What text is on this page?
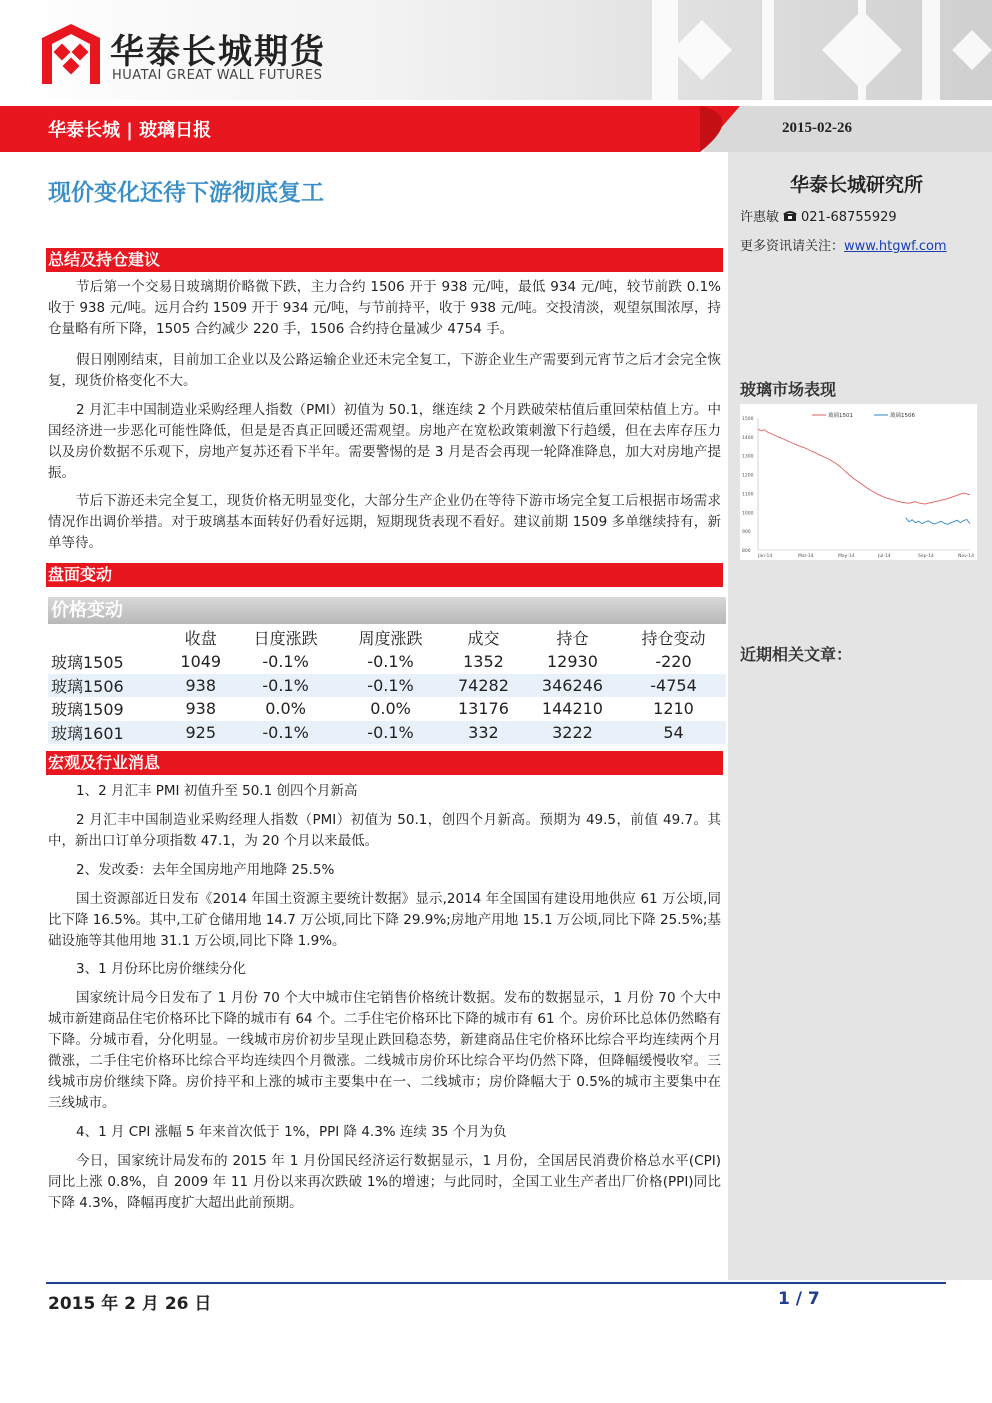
华泰长城期货
HUATAI GREAT WALL FUTURES
华泰长城 | 玻璃日报	2015-02-26
华泰长城研究所
许惠敏 021-68755929
更多资讯请关注：www.htgwf.com
玻璃市场表现
1500
1400
1300
1200
1100
1000
900
800
Jan-14	Mar-14	May-14	Jul-14	Sep-14	Nov-14
玻璃1501	玻璃1506
近期相关文章：
现价变化还待下游彻底复工
总结及持仓建议

节后第一个交易日玻璃期价略微下跌，主力合约 1506 开于 938 元/吨，最低 934 元/吨，较节前跌 0.1%收于 938 元/吨。远月合约 1509 开于 934 元/吨，与节前持平，收于 938 元/吨。交投清淡，观望氛围浓厚，持仓量略有所下降，1505 合约减少 220 手，1506 合约持仓量减少 4754 手。

假日刚刚结束，目前加工企业以及公路运输企业还未完全复工，下游企业生产需要到元宵节之后才会完全恢复，现货价格变化不大。

2 月汇丰中国制造业采购经理人指数（PMI）初值为 50.1，继连续 2 个月跌破荣枯值后重回荣枯值上方。中国经济进一步恶化可能性降低，但是是否真正回暖还需观望。房地产在宽松政策刺激下行趋缓，但在去库存压力以及房价数据不乐观下，房地产复苏还看下半年。需要警惕的是 3 月是否会再现一轮降准降息，加大对房地产提振。

节后下游还未完全复工，现货价格无明显变化，大部分生产企业仍在等待下游市场完全复工后根据市场需求情况作出调价举措。对于玻璃基本面转好仍看好远期，短期现货表现不看好。建议前期 1509 多单继续持有，新单等待。

盘面变动
价格变动
	收盘	日度涨跌	周度涨跌	成交	持仓	持仓变动
玻璃1505	1049	-0.1%	-0.1%	1352	12930	-220
玻璃1506	938	-0.1%	-0.1%	74282	346246	-4754
玻璃1509	938	0.0%	0.0%	13176	144210	1210
玻璃1601	925	-0.1%	-0.1%	332	3222	54
宏观及行业消息

1、2 月汇丰 PMI 初值升至 50.1 创四个月新高

2 月汇丰中国制造业采购经理人指数（PMI）初值为 50.1，创四个月新高。预期为 49.5，前值 49.7。其中，新出口订单分项指数 47.1，为 20 个月以来最低。

2、发改委：去年全国房地产用地降 25.5%

国土资源部近日发布《2014 年国土资源主要统计数据》显示,2014 年全国国有建设用地供应 61 万公顷,同比下降 16.5%。其中,工矿仓储用地 14.7 万公顷,同比下降 29.9%;房地产用地 15.1 万公顷,同比下降 25.5%;基础设施等其他用地 31.1 万公顷,同比下降 1.9%。

3、1 月份环比房价继续分化

国家统计局今日发布了 1 月份 70 个大中城市住宅销售价格统计数据。发布的数据显示，1 月份 70 个大中城市新建商品住宅价格环比下降的城市有 64 个。二手住宅价格环比下降的城市有 61 个。房价环比总体仍然略有下降。分城市看，分化明显。一线城市房价初步呈现止跌回稳态势，新建商品住宅价格环比综合平均连续两个月微涨，二手住宅价格环比综合平均连续四个月微涨。二线城市房价环比综合平均仍然下降，但降幅缓慢收窄。三线城市房价继续下降。房价持平和上涨的城市主要集中在一、二线城市；房价降幅大于 0.5%的城市主要集中在三线城市。

4、1 月 CPI 涨幅 5 年来首次低于 1%，PPI 降 4.3% 连续 35 个月为负

今日，国家统计局发布的 2015 年 1 月份国民经济运行数据显示，1 月份，全国居民消费价格总水平(CPI)同比上涨 0.8%，自 2009 年 11 月份以来再次跌破 1%的增速；与此同时，全国工业生产者出厂价格(PPI)同比下降 4.3%，降幅再度扩大超出此前预期。

2015 年 2 月 26 日	1 / 7
